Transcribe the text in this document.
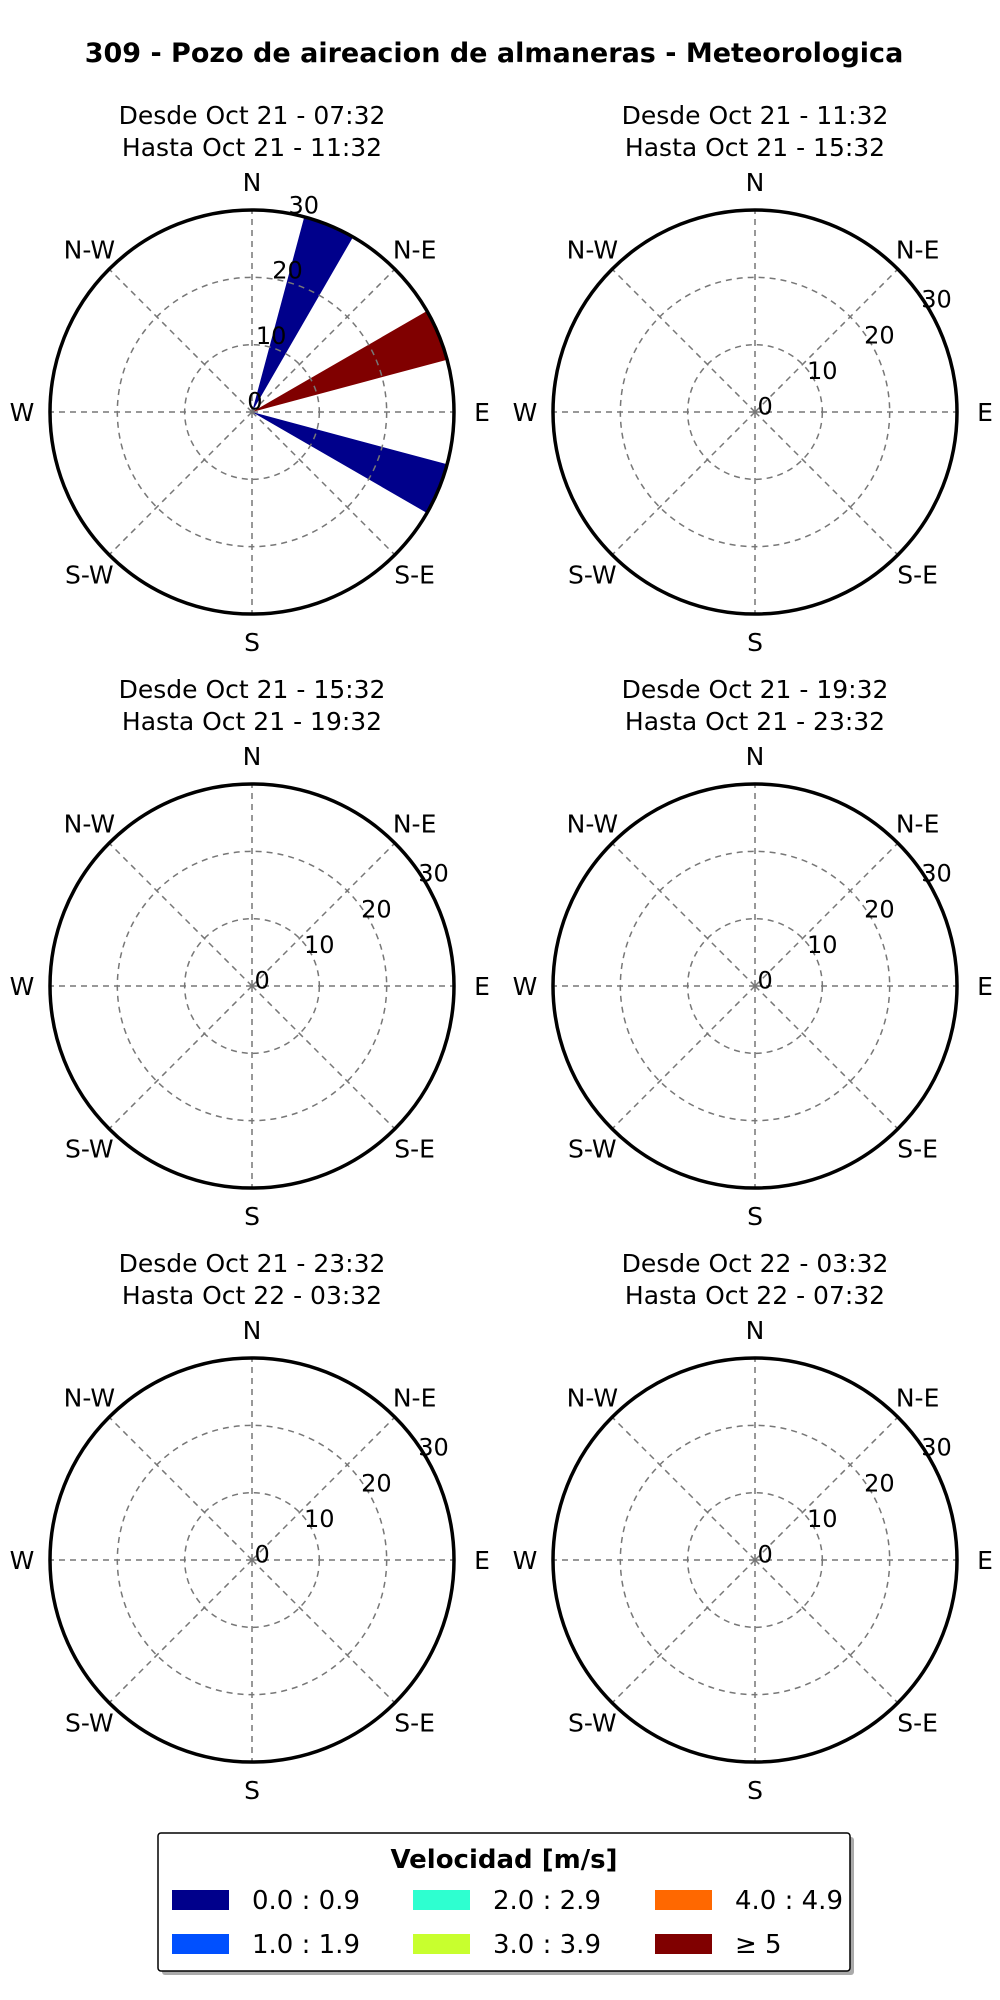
309 - Pozo de aireacion de almaneras - Meteorologica
Desde Oct 21 - 07:32
Hasta Oct 21 - 11:32
N
N-E
E
S-E
S
S-W
W
N-W
0
10
20
30
Desde Oct 21 - 11:32
Hasta Oct 21 - 15:32
N
N-E
E
S-E
S
S-W
W
N-W
0
10
20
30
Desde Oct 21 - 15:32
Hasta Oct 21 - 19:32
N
N-E
E
S-E
S
S-W
W
N-W
0
10
20
30
Desde Oct 21 - 19:32
Hasta Oct 21 - 23:32
N
N-E
E
S-E
S
S-W
W
N-W
0
10
20
30
Desde Oct 21 - 23:32
Hasta Oct 22 - 03:32
N
N-E
E
S-E
S
S-W
W
N-W
0
10
20
30
Desde Oct 22 - 03:32
Hasta Oct 22 - 07:32
N
N-E
E
S-E
S
S-W
W
N-W
0
10
20
30
Velocidad [m/s]
0.0 : 0.9
1.0 : 1.9
2.0 : 2.9
3.0 : 3.9
4.0 : 4.9
≥ 5
